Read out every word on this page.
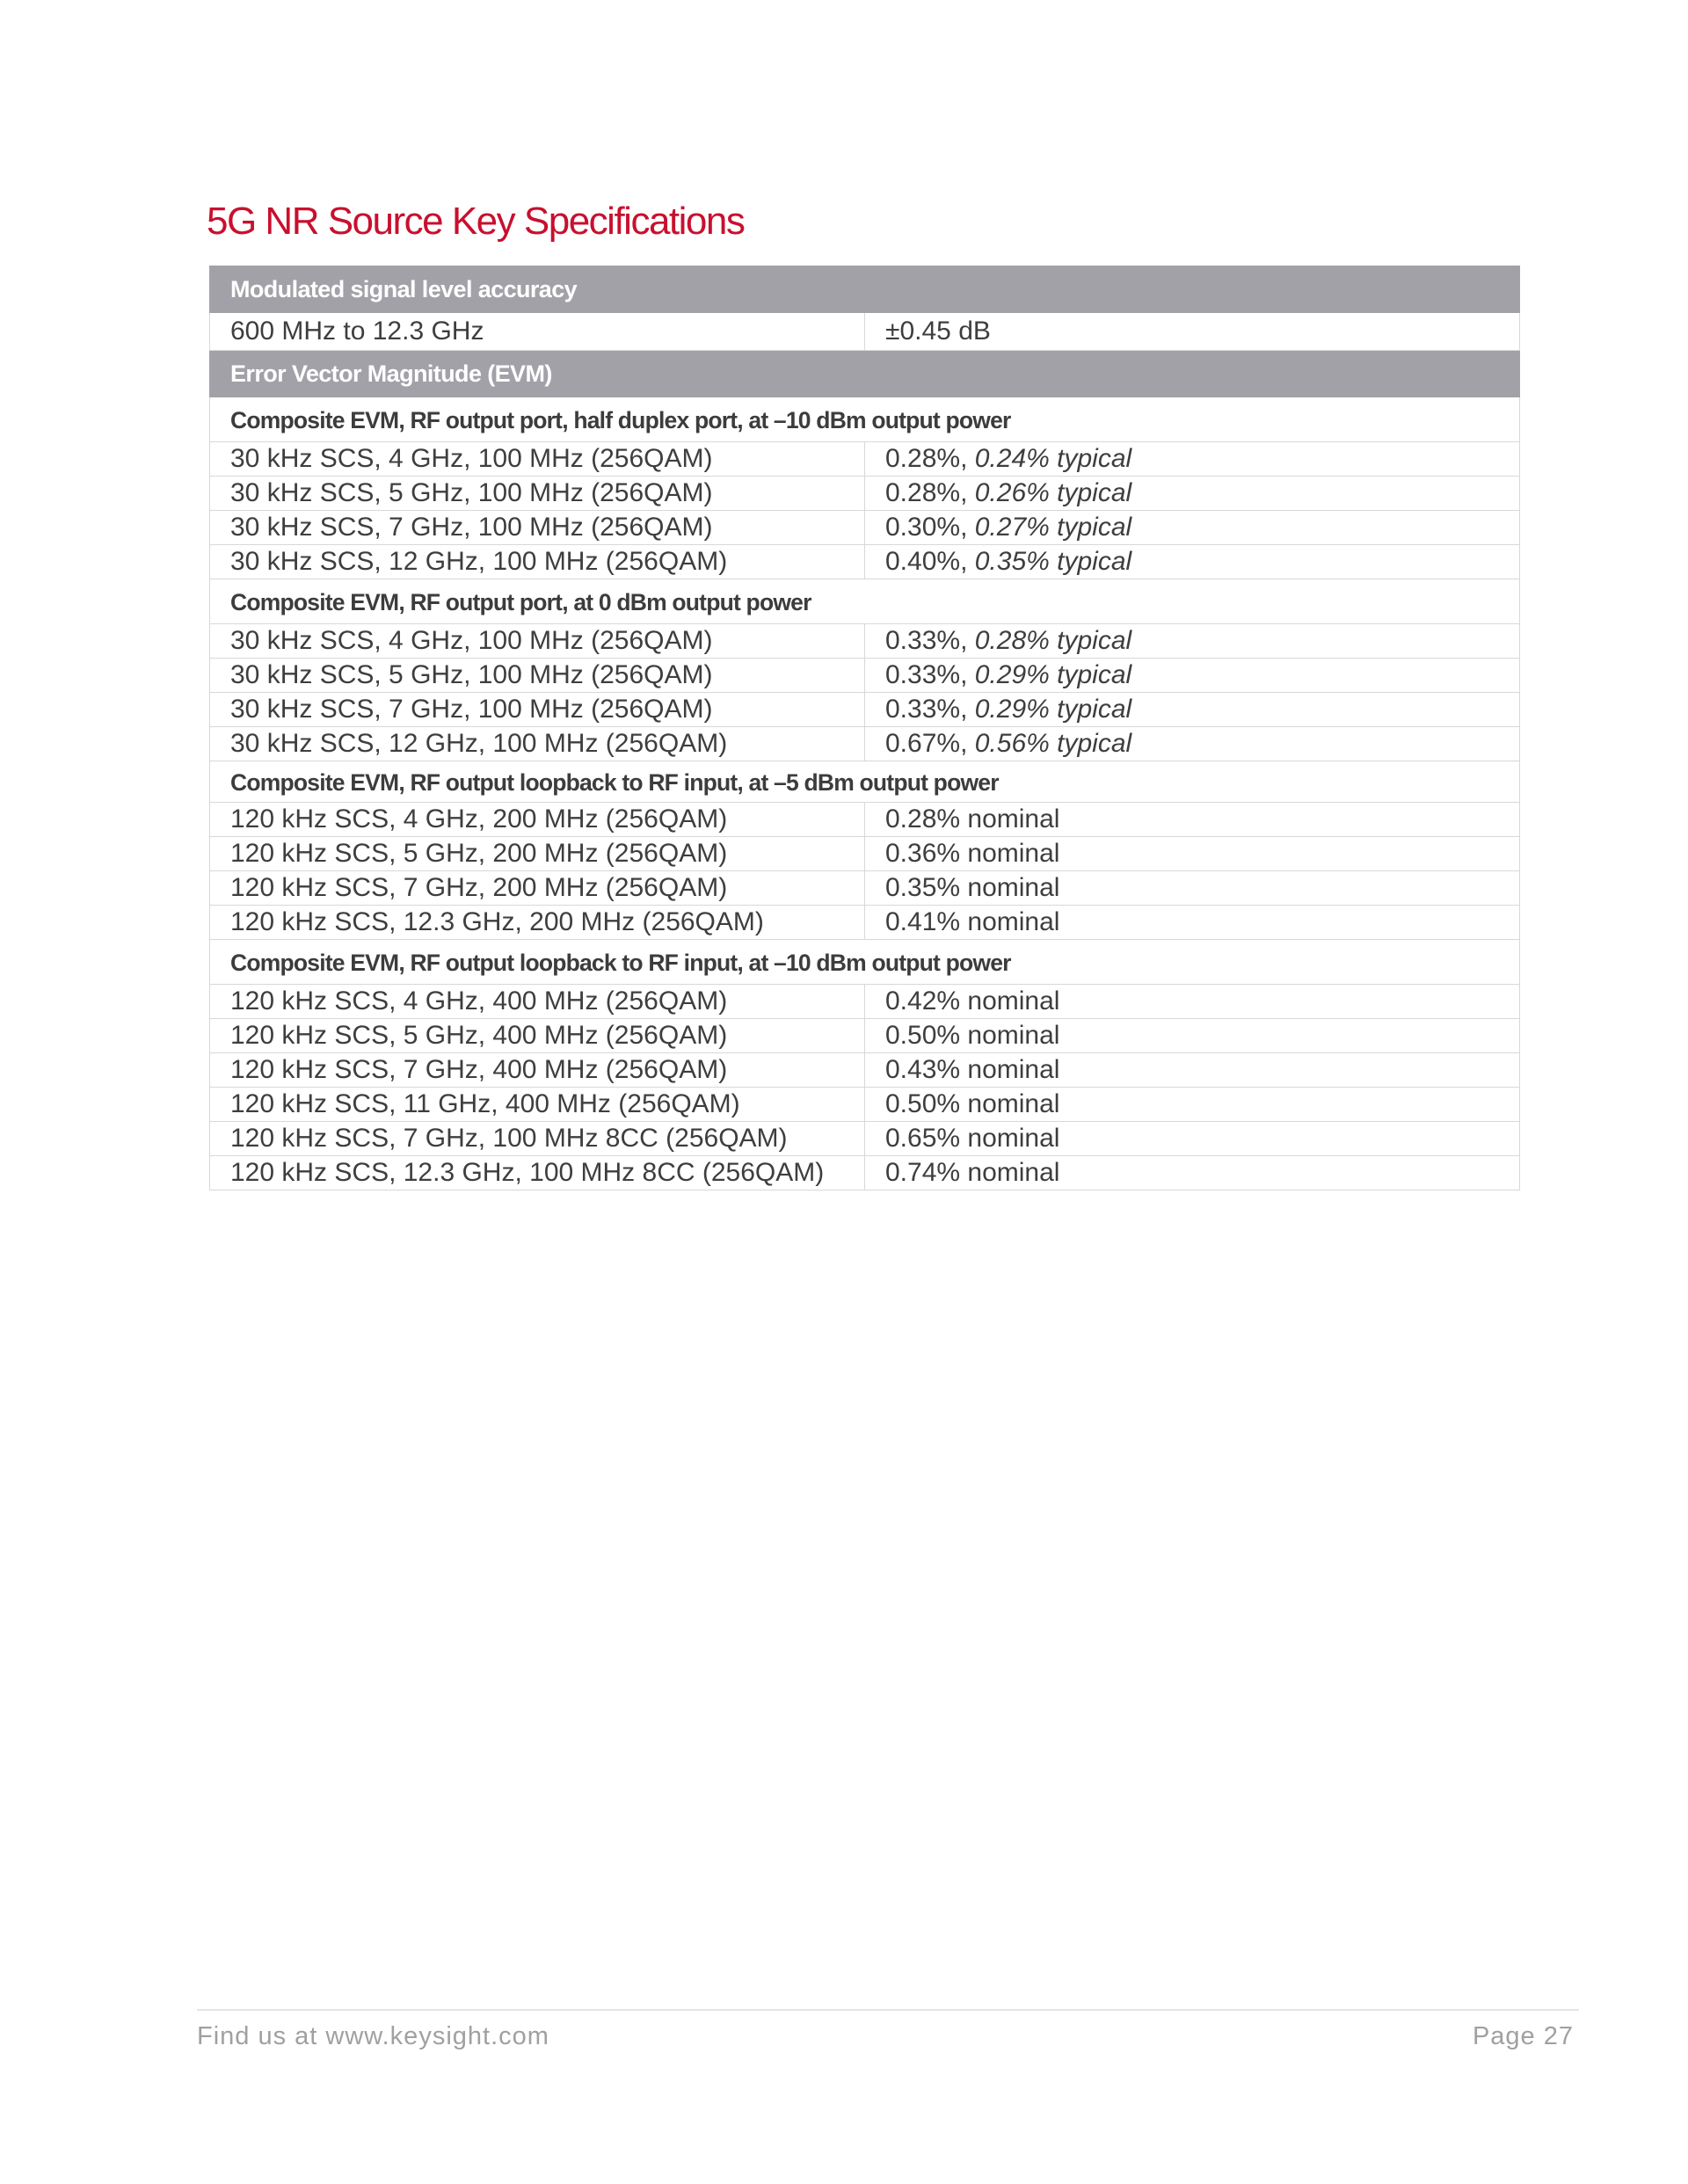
5G NR Source Key Specifications
Modulated signal level accuracy	
600 MHz to 12.3 GHz	±0.45 dB
Error Vector Magnitude (EVM)	
Composite EVM, RF output port, half duplex port, at –10 dBm output power	
30 kHz SCS, 4 GHz, 100 MHz (256QAM)	0.28%, 0.24% typical
30 kHz SCS, 5 GHz, 100 MHz (256QAM)	0.28%, 0.26% typical
30 kHz SCS, 7 GHz, 100 MHz (256QAM)	0.30%, 0.27% typical
30 kHz SCS, 12 GHz, 100 MHz (256QAM)	0.40%, 0.35% typical
Composite EVM, RF output port, at 0 dBm output power	
30 kHz SCS, 4 GHz, 100 MHz (256QAM)	0.33%, 0.28% typical
30 kHz SCS, 5 GHz, 100 MHz (256QAM)	0.33%, 0.29% typical
30 kHz SCS, 7 GHz, 100 MHz (256QAM)	0.33%, 0.29% typical
30 kHz SCS, 12 GHz, 100 MHz (256QAM)	0.67%, 0.56% typical
Composite EVM, RF output loopback to RF input, at –5 dBm output power	
120 kHz SCS, 4 GHz, 200 MHz (256QAM)	0.28% nominal
120 kHz SCS, 5 GHz, 200 MHz (256QAM)	0.36% nominal
120 kHz SCS, 7 GHz, 200 MHz (256QAM)	0.35% nominal
120 kHz SCS, 12.3 GHz, 200 MHz (256QAM)	0.41% nominal
Composite EVM, RF output loopback to RF input, at –10 dBm output power	
120 kHz SCS, 4 GHz, 400 MHz (256QAM)	0.42% nominal
120 kHz SCS, 5 GHz, 400 MHz (256QAM)	0.50% nominal
120 kHz SCS, 7 GHz, 400 MHz (256QAM)	0.43% nominal
120 kHz SCS, 11 GHz, 400 MHz (256QAM)	0.50% nominal
120 kHz SCS, 7 GHz, 100 MHz 8CC (256QAM)	0.65% nominal
120 kHz SCS, 12.3 GHz, 100 MHz 8CC (256QAM)	0.74% nominal
Find us at www.keysight.com	Page 27
